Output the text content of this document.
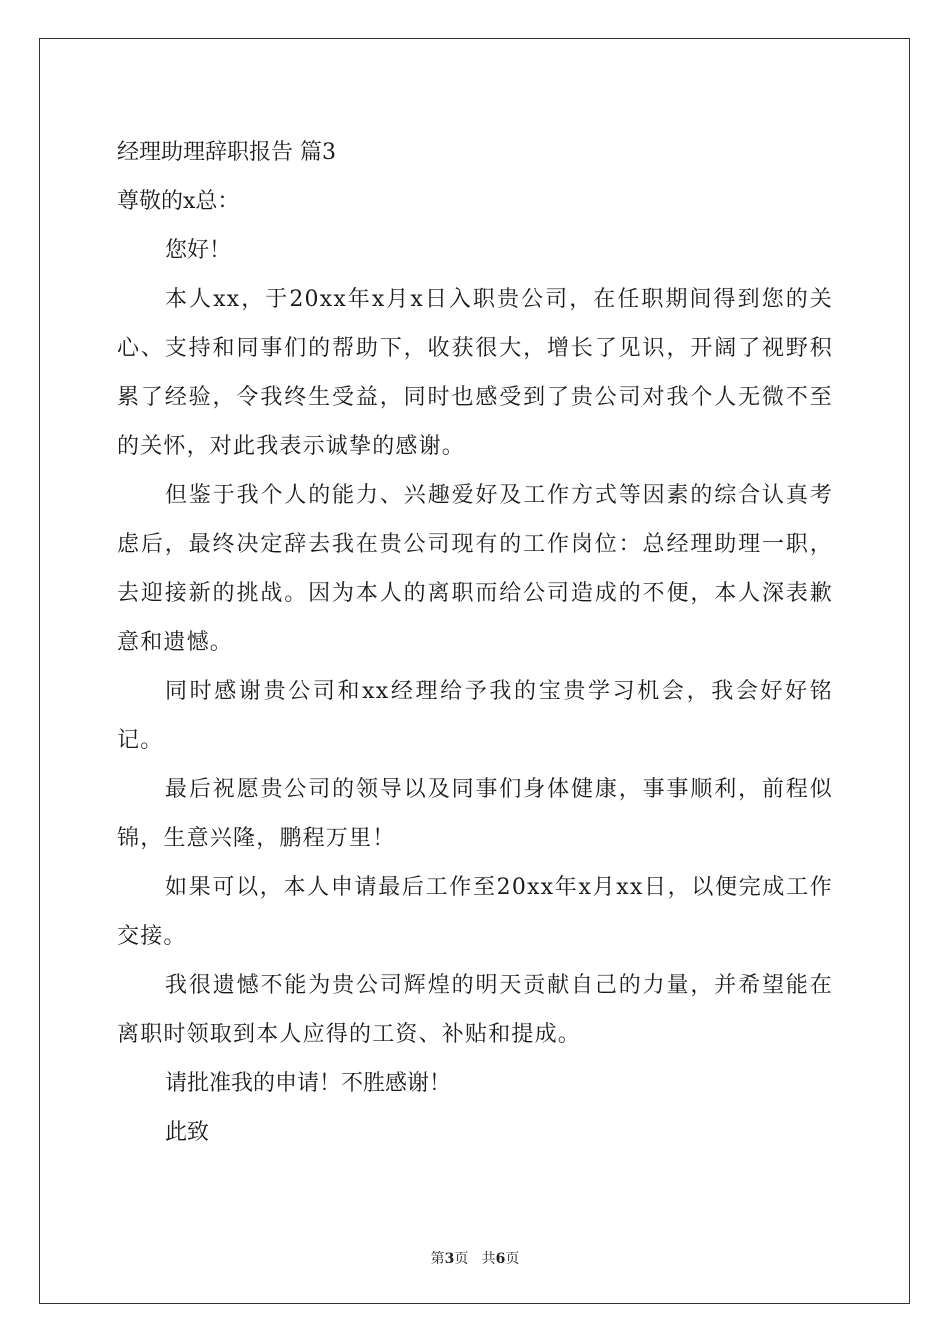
经理助理辞职报告 篇3

尊敬的x总：

您好！

本人xx，于20xx年x月x日入职贵公司，在任职期间得到您的关心、支持和同事们的帮助下，收获很大，增长了见识，开阔了视野积累了经验，令我终生受益，同时也感受到了贵公司对我个人无微不至的关怀，对此我表示诚挚的感谢。

但鉴于我个人的能力、兴趣爱好及工作方式等因素的综合认真考虑后，最终决定辞去我在贵公司现有的工作岗位：总经理助理一职，去迎接新的挑战。因为本人的离职而给公司造成的不便，本人深表歉意和遗憾。

同时感谢贵公司和xx经理给予我的宝贵学习机会，我会好好铭记。

最后祝愿贵公司的领导以及同事们身体健康，事事顺利，前程似锦，生意兴隆，鹏程万里！

如果可以，本人申请最后工作至20xx年x月xx日，以便完成工作交接。

我很遗憾不能为贵公司辉煌的明天贡献自己的力量，并希望能在离职时领取到本人应得的工资、补贴和提成。

请批准我的申请！不胜感谢！

此致

第3页 共6页
